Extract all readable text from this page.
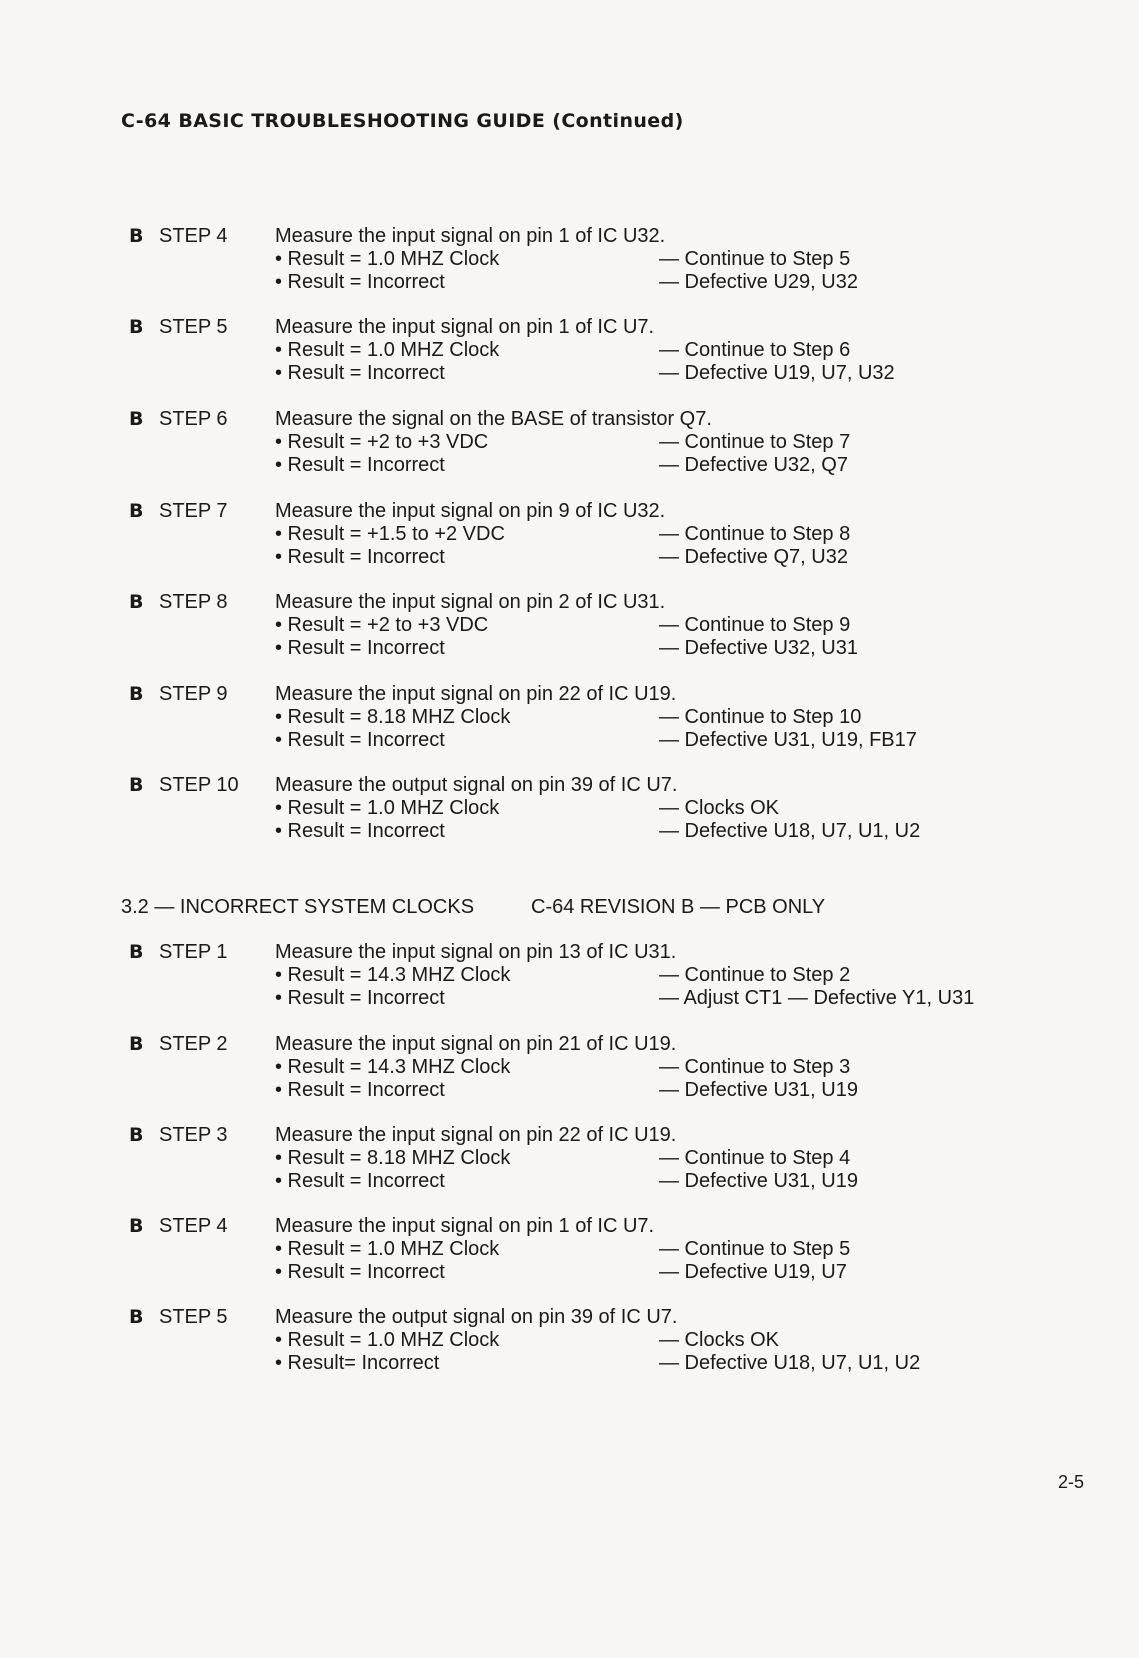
C-64 BASIC TROUBLESHOOTING GUIDE (Continued)
B STEP 4 Measure the input signal on pin 1 of IC U32.
• Result = 1.0 MHZ Clock	— Continue to Step 5
• Result = Incorrect	— Defective U29, U32
B STEP 5 Measure the input signal on pin 1 of IC U7.
• Result = 1.0 MHZ Clock	— Continue to Step 6
• Result = Incorrect	— Defective U19, U7, U32
B STEP 6 Measure the signal on the BASE of transistor Q7.
• Result = +2 to +3 VDC	— Continue to Step 7
• Result = Incorrect	— Defective U32, Q7
B STEP 7 Measure the input signal on pin 9 of IC U32.
• Result = +1.5 to +2 VDC	— Continue to Step 8
• Result = Incorrect	— Defective Q7, U32
B STEP 8 Measure the input signal on pin 2 of IC U31.
• Result = +2 to +3 VDC	— Continue to Step 9
• Result = Incorrect	— Defective U32, U31
B STEP 9 Measure the input signal on pin 22 of IC U19.
• Result = 8.18 MHZ Clock	— Continue to Step 10
• Result = Incorrect	— Defective U31, U19, FB17
B STEP 10 Measure the output signal on pin 39 of IC U7.
• Result = 1.0 MHZ Clock	— Clocks OK
• Result = Incorrect	— Defective U18, U7, U1, U2
3.2 — INCORRECT SYSTEM CLOCKS	C-64 REVISION B — PCB ONLY
B STEP 1 Measure the input signal on pin 13 of IC U31.
• Result = 14.3 MHZ Clock	— Continue to Step 2
• Result = Incorrect	— Adjust CT1 — Defective Y1, U31
B STEP 2 Measure the input signal on pin 21 of IC U19.
• Result = 14.3 MHZ Clock	— Continue to Step 3
• Result = Incorrect	— Defective U31, U19
B STEP 3 Measure the input signal on pin 22 of IC U19.
• Result = 8.18 MHZ Clock	— Continue to Step 4
• Result = Incorrect	— Defective U31, U19
B STEP 4 Measure the input signal on pin 1 of IC U7.
• Result = 1.0 MHZ Clock	— Continue to Step 5
• Result = Incorrect	— Defective U19, U7
B STEP 5 Measure the output signal on pin 39 of IC U7.
• Result = 1.0 MHZ Clock	— Clocks OK
• Result= Incorrect	— Defective U18, U7, U1, U2
2-5
